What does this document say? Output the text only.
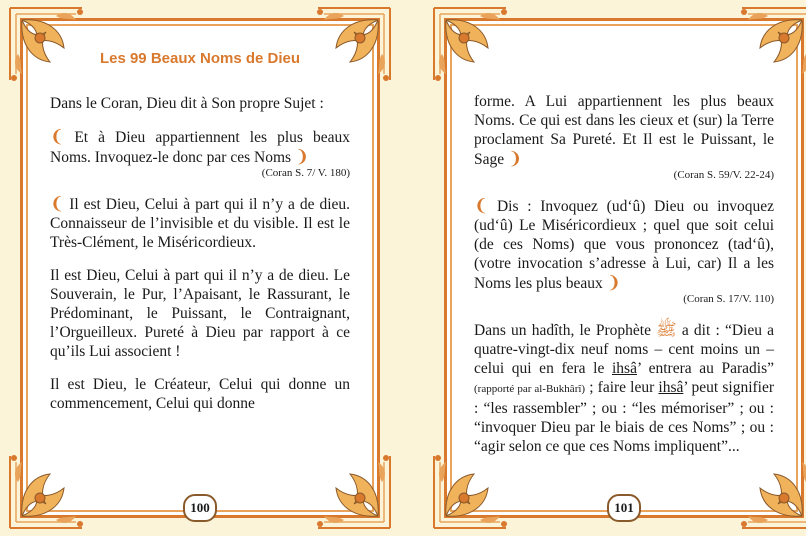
Les 99 Beaux Noms de Dieu

Dans le Coran, Dieu dit à Son propre Sujet :

❨ Et à Dieu appartiennent les plus beaux Noms. Invoquez-le donc par ces Noms ❩
(Coran S. 7/ V. 180)

❨ Il est Dieu, Celui à part qui il n’y a de dieu. Connaisseur de l’invisible et du visible. Il est le Très-Clément, le Miséricordieux.

Il est Dieu, Celui à part qui il n’y a de dieu. Le Souverain, le Pur, l’Apaisant, le Rassurant, le Prédominant, le Puissant, le Contraignant, l’Orgueilleux. Pureté à Dieu par rapport à ce qu’ils Lui associent !

Il est Dieu, le Créateur, Celui qui donne un commencement, Celui qui donne

100

forme. A Lui appartiennent les plus beaux Noms. Ce qui est dans les cieux et (sur) la Terre proclament Sa Pureté. Et Il est le Puissant, le Sage ❩
(Coran S. 59/V. 22-24)

❨ Dis : Invoquez (ud‘û) Dieu ou invoquez (ud‘û) Le Miséricordieux ; quel que soit celui (de ces Noms) que vous prononcez (tad‘û), (votre invocation s’adresse à Lui, car) Il a les Noms les plus beaux ❩
(Coran S. 17/V. 110)

Dans un hadîth, le Prophète ﷺ a dit : “Dieu a quatre-vingt-dix neuf noms – cent moins un – celui qui en fera le ihsâ’ entrera au Paradis” (rapporté par al-Bukhârî) ; faire leur ihsâ’ peut signifier : “les rassembler” ; ou : “les mémoriser” ; ou : “invoquer Dieu par le biais de ces Noms” ; ou : “agir selon ce que ces Noms impliquent”...

101
